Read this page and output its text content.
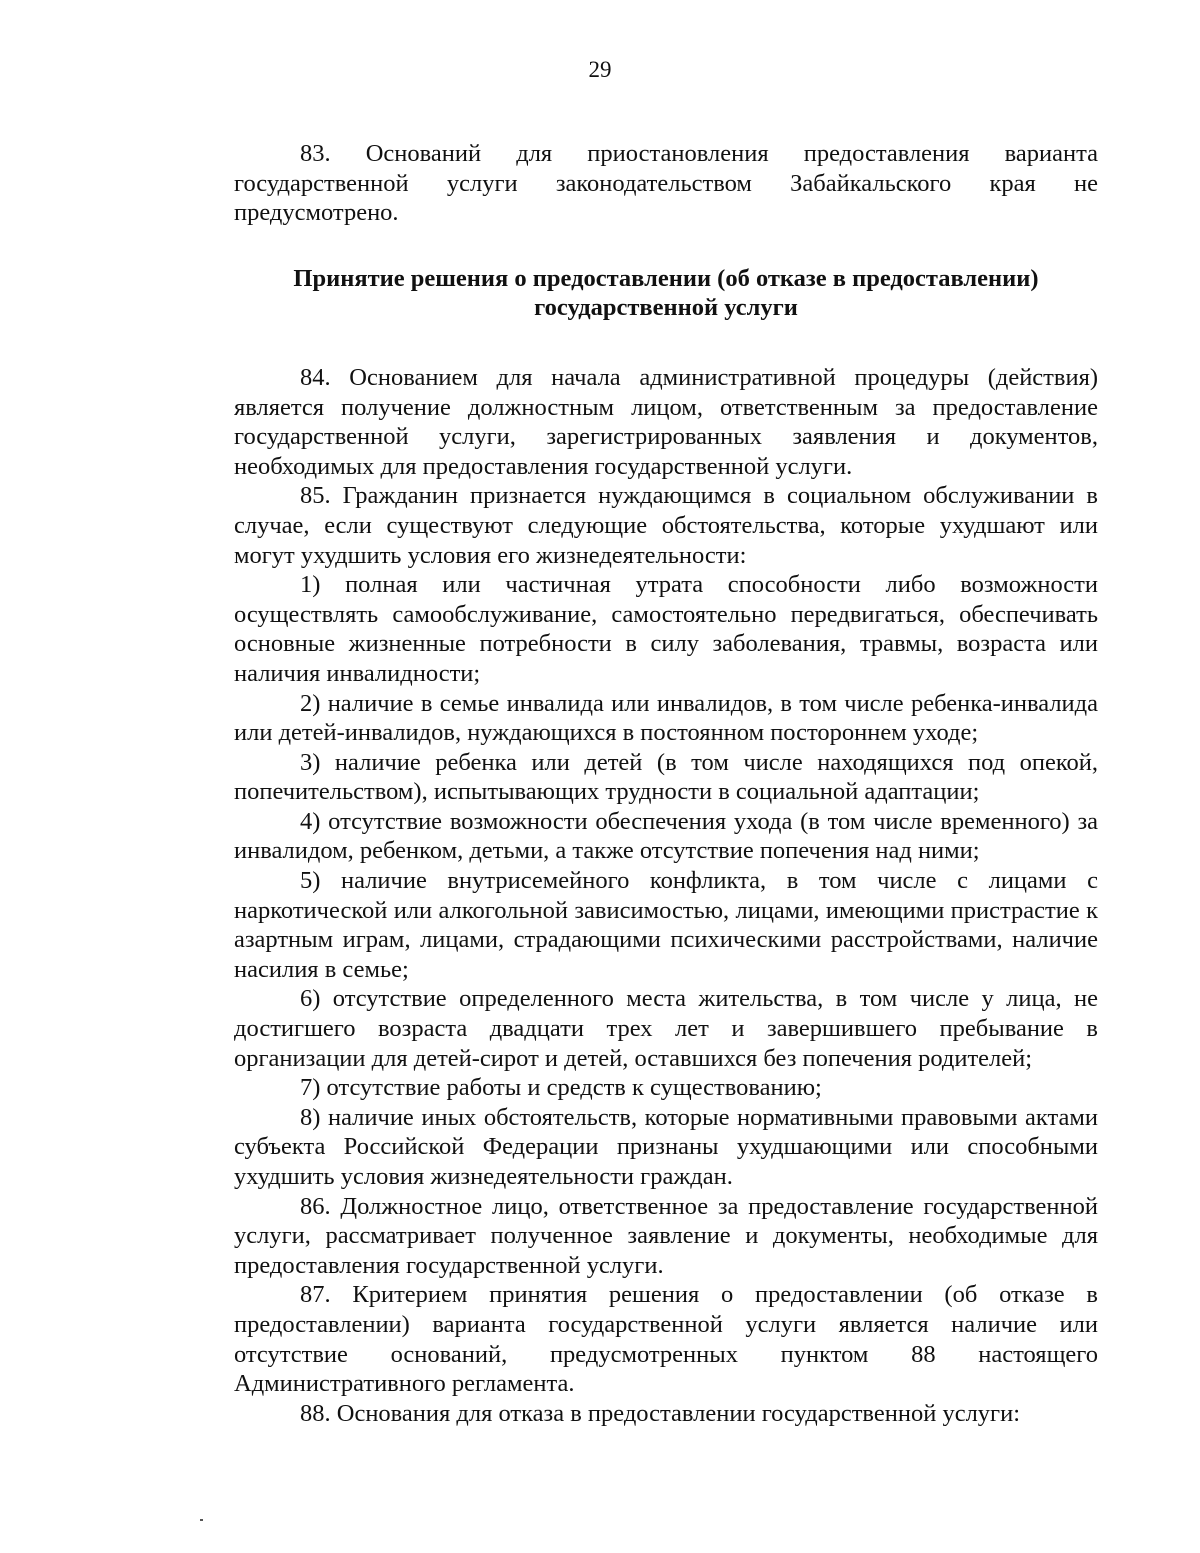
29

83. Оснований для приостановления предоставления варианта государственной услуги законодательством Забайкальского края не предусмотрено.

Принятие решения о предоставлении (об отказе в предоставлении)
государственной услуги

84. Основанием для начала административной процедуры (действия) является получение должностным лицом, ответственным за предоставление государственной услуги, зарегистрированных заявления и документов, необходимых для предоставления государственной услуги.

85. Гражданин признается нуждающимся в социальном обслуживании в случае, если существуют следующие обстоятельства, которые ухудшают или могут ухудшить условия его жизнедеятельности:

1) полная или частичная утрата способности либо возможности осуществлять самообслуживание, самостоятельно передвигаться, обеспечивать основные жизненные потребности в силу заболевания, травмы, возраста или наличия инвалидности;

2) наличие в семье инвалида или инвалидов, в том числе ребенка-инвалида или детей-инвалидов, нуждающихся в постоянном постороннем уходе;

3) наличие ребенка или детей (в том числе находящихся под опекой, попечительством), испытывающих трудности в социальной адаптации;

4) отсутствие возможности обеспечения ухода (в том числе временного) за инвалидом, ребенком, детьми, а также отсутствие попечения над ними;

5) наличие внутрисемейного конфликта, в том числе с лицами с наркотической или алкогольной зависимостью, лицами, имеющими пристрастие к азартным играм, лицами, страдающими психическими расстройствами, наличие насилия в семье;

6) отсутствие определенного места жительства, в том числе у лица, не достигшего возраста двадцати трех лет и завершившего пребывание в организации для детей-сирот и детей, оставшихся без попечения родителей;

7) отсутствие работы и средств к существованию;

8) наличие иных обстоятельств, которые нормативными правовыми актами субъекта Российской Федерации признаны ухудшающими или способными ухудшить условия жизнедеятельности граждан.

86. Должностное лицо, ответственное за предоставление государственной услуги, рассматривает полученное заявление и документы, необходимые для предоставления государственной услуги.

87. Критерием принятия решения о предоставлении (об отказе в предоставлении) варианта государственной услуги является наличие или отсутствие оснований, предусмотренных пунктом 88 настоящего Административного регламента.

88. Основания для отказа в предоставлении государственной услуги:
